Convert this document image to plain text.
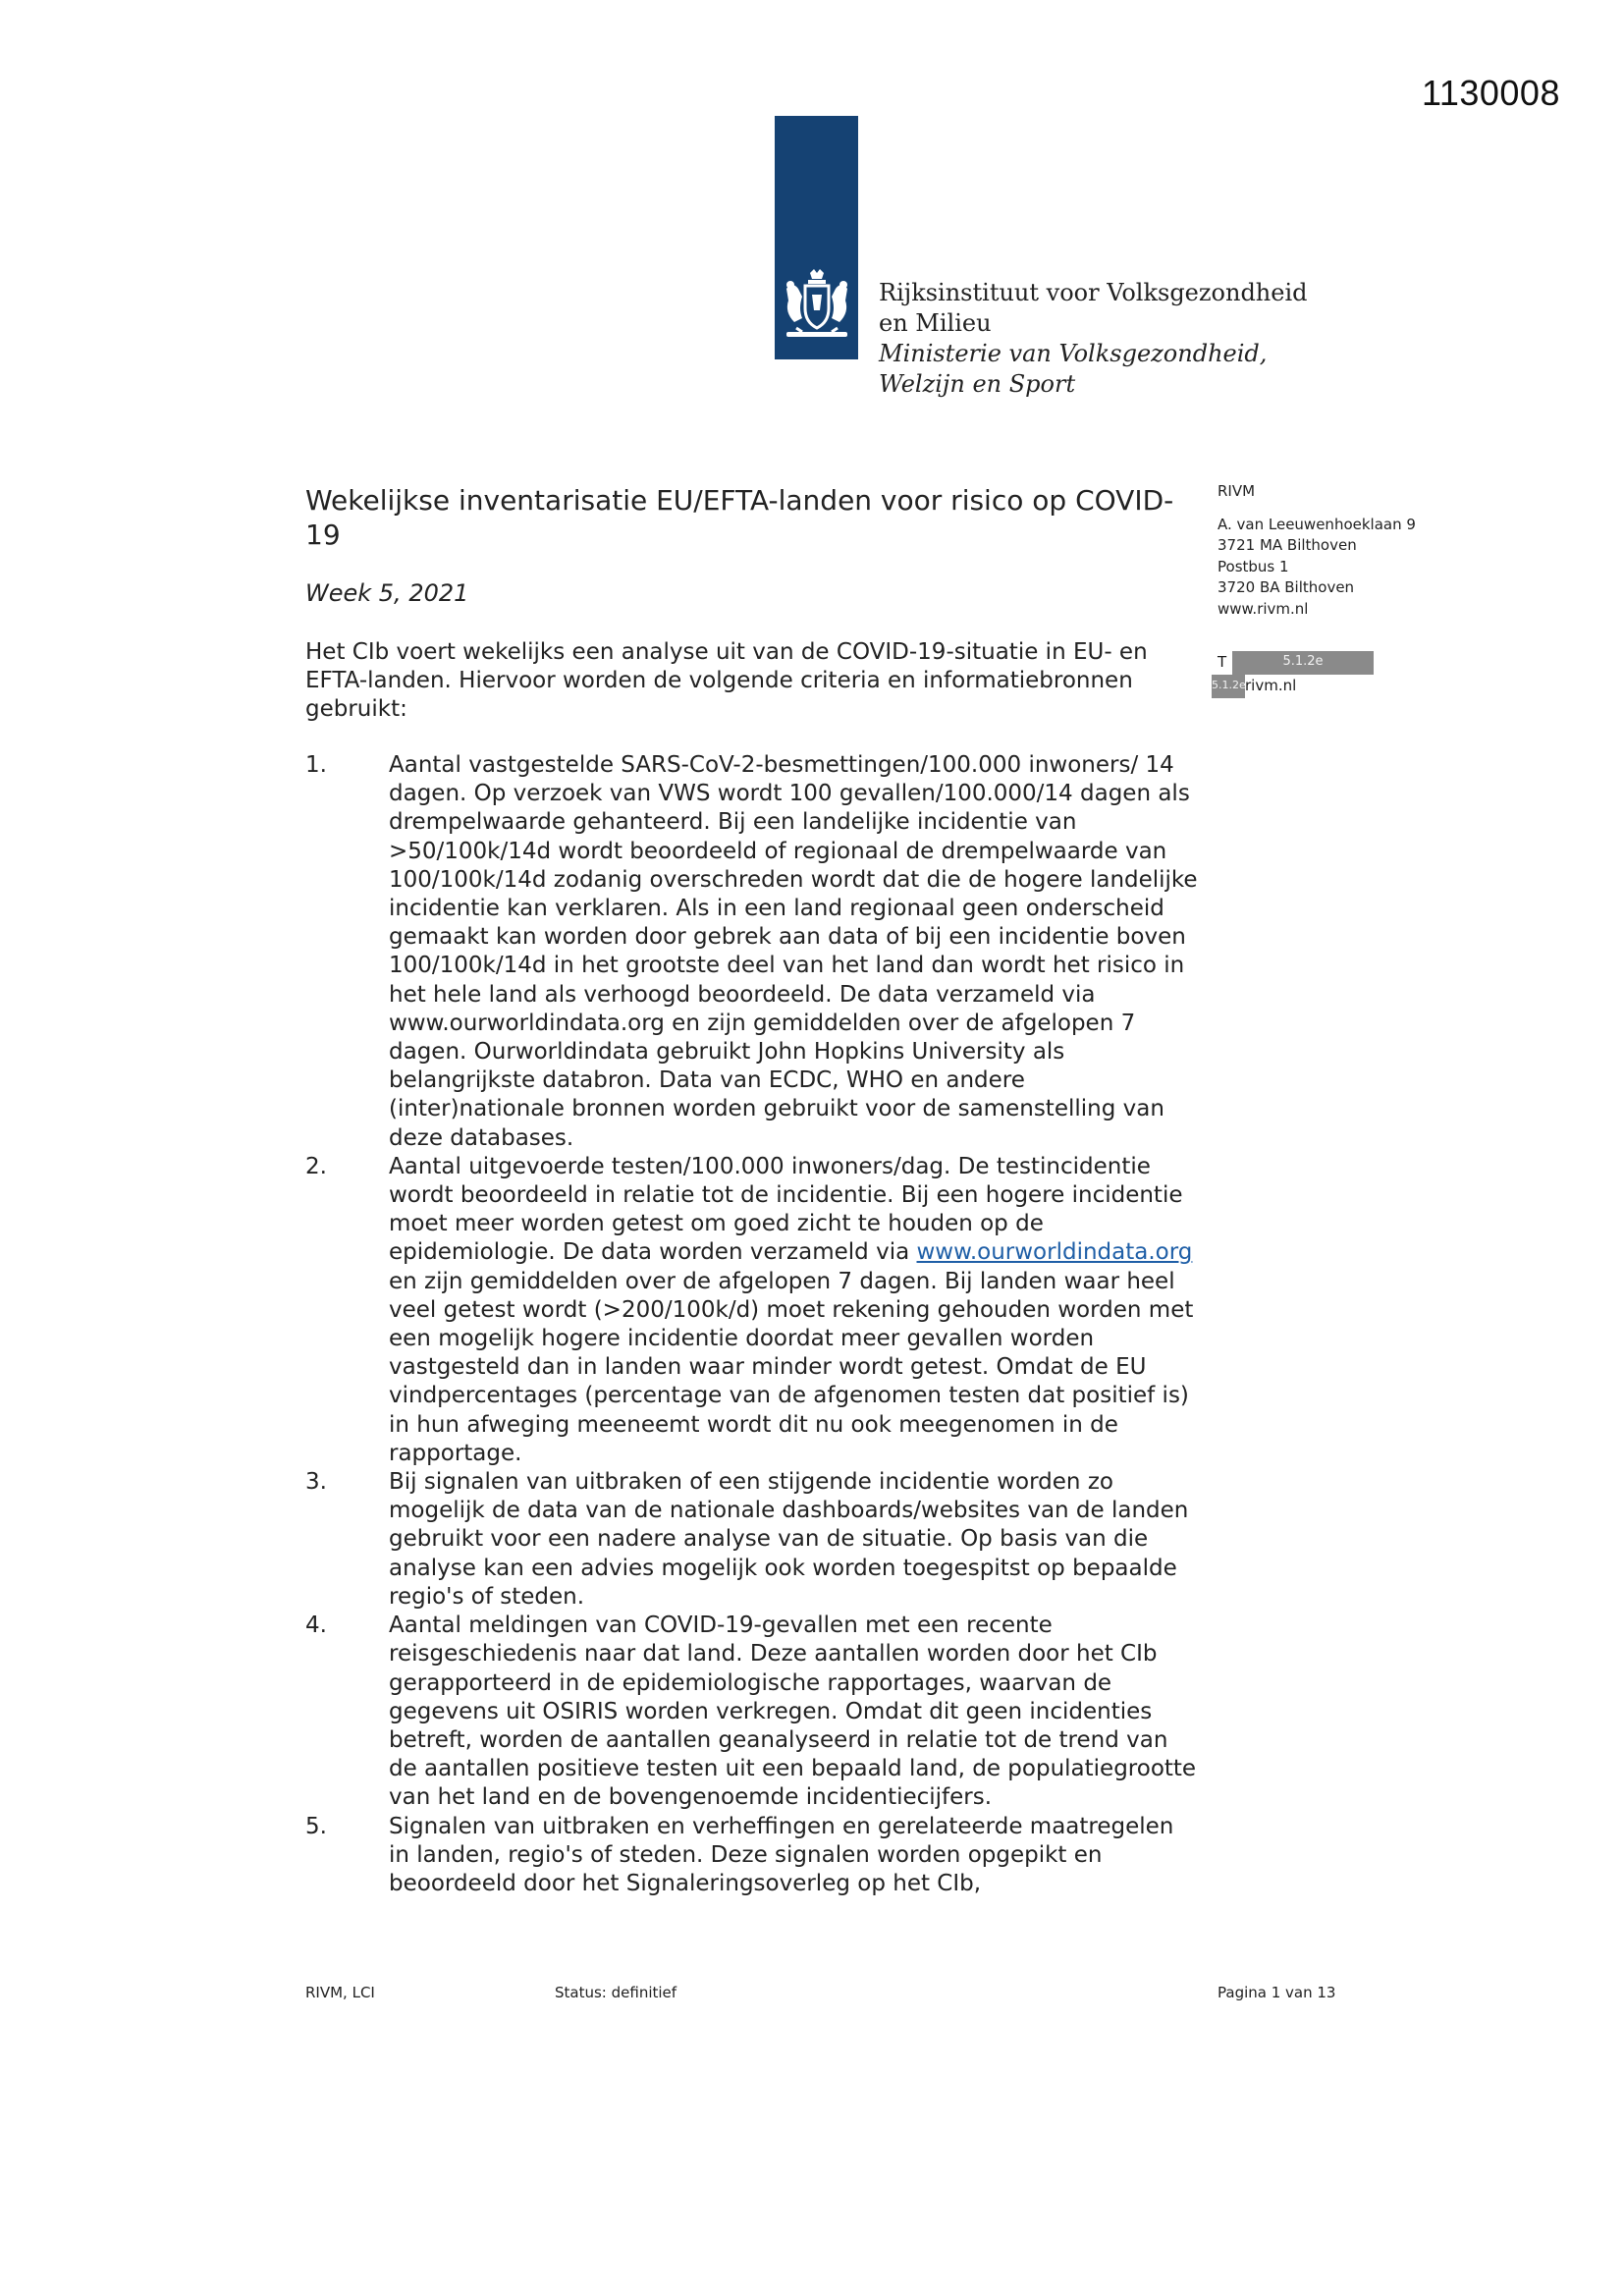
1130008
Rijksinstituut voor Volksgezondheid
en Milieu
Ministerie van Volksgezondheid,
Welzijn en Sport
Wekelijkse inventarisatie EU/EFTA-landen voor risico op COVID-19
Week 5, 2021
Het CIb voert wekelijks een analyse uit van de COVID-19-situatie in EU- en EFTA-landen. Hiervoor worden de volgende criteria en informatiebronnen gebruikt:
RIVM
A. van Leeuwenhoeklaan 9
3721 MA Bilthoven
Postbus 1
3720 BA Bilthoven
www.rivm.nl
T	5.1.2e
5.1.2e rivm.nl
1.	Aantal vastgestelde SARS-CoV-2-besmettingen/100.000 inwoners/ 14 dagen. Op verzoek van VWS wordt 100 gevallen/100.000/14 dagen als drempelwaarde gehanteerd. Bij een landelijke incidentie van >50/100k/14d wordt beoordeeld of regionaal de drempelwaarde van 100/100k/14d zodanig overschreden wordt dat die de hogere landelijke incidentie kan verklaren. Als in een land regionaal geen onderscheid gemaakt kan worden door gebrek aan data of bij een incidentie boven 100/100k/14d in het grootste deel van het land dan wordt het risico in het hele land als verhoogd beoordeeld. De data verzameld via www.ourworldindata.org en zijn gemiddelden over de afgelopen 7 dagen. Ourworldindata gebruikt John Hopkins University als belangrijkste databron. Data van ECDC, WHO en andere (inter)nationale bronnen worden gebruikt voor de samenstelling van deze databases.
2.	Aantal uitgevoerde testen/100.000 inwoners/dag. De testincidentie wordt beoordeeld in relatie tot de incidentie. Bij een hogere incidentie moet meer worden getest om goed zicht te houden op de epidemiologie. De data worden verzameld via www.ourworldindata.org en zijn gemiddelden over de afgelopen 7 dagen. Bij landen waar heel veel getest wordt (>200/100k/d) moet rekening gehouden worden met een mogelijk hogere incidentie doordat meer gevallen worden vastgesteld dan in landen waar minder wordt getest. Omdat de EU vindpercentages (percentage van de afgenomen testen dat positief is) in hun afweging meeneemt wordt dit nu ook meegenomen in de rapportage.
3.	Bij signalen van uitbraken of een stijgende incidentie worden zo mogelijk de data van de nationale dashboards/websites van de landen gebruikt voor een nadere analyse van de situatie. Op basis van die analyse kan een advies mogelijk ook worden toegespitst op bepaalde regio's of steden.
4.	Aantal meldingen van COVID-19-gevallen met een recente reisgeschiedenis naar dat land. Deze aantallen worden door het CIb gerapporteerd in de epidemiologische rapportages, waarvan de gegevens uit OSIRIS worden verkregen. Omdat dit geen incidenties betreft, worden de aantallen geanalyseerd in relatie tot de trend van de aantallen positieve testen uit een bepaald land, de populatiegrootte van het land en de bovengenoemde incidentiecijfers.
5.	Signalen van uitbraken en verheffingen en gerelateerde maatregelen in landen, regio's of steden. Deze signalen worden opgepikt en beoordeeld door het Signaleringsoverleg op het CIb,
RIVM, LCI	Status: definitief	Pagina 1 van 13
